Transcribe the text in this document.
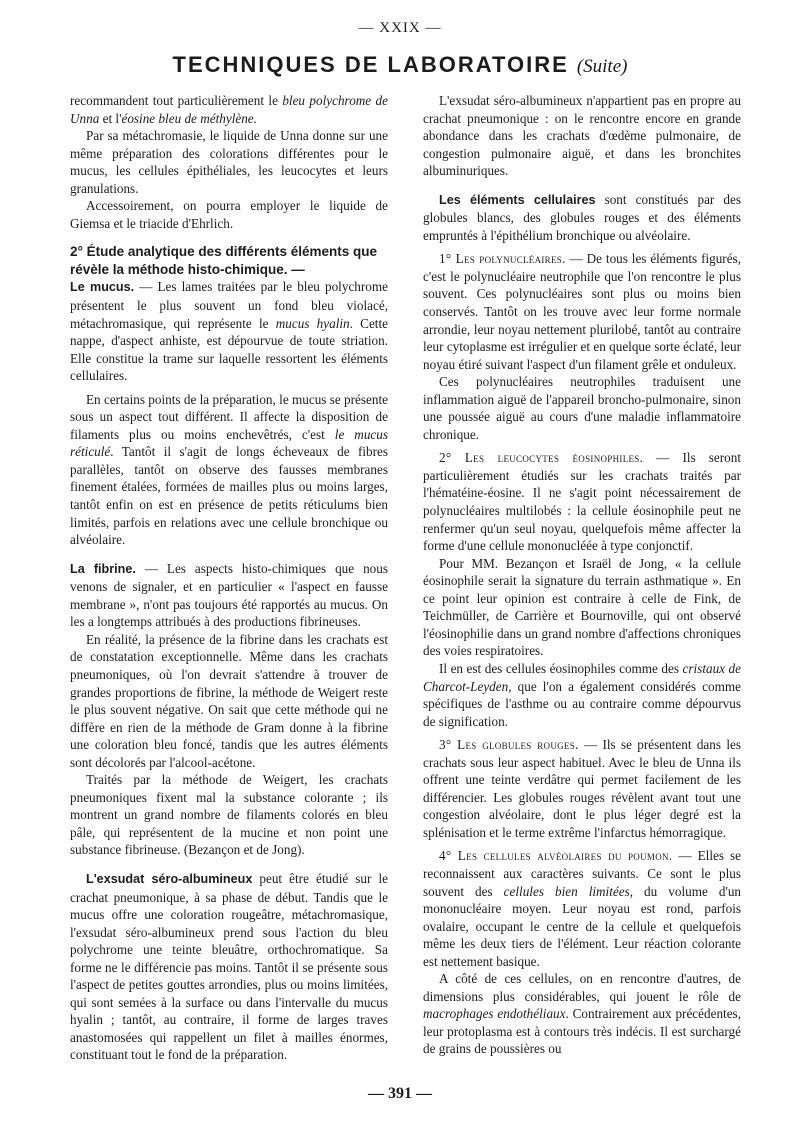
— XXIX —
TECHNIQUES DE LABORATOIRE (Suite)

recommandent tout particulièrement le bleu polychrome de Unna et l'éosine bleu de méthylène.

Par sa métachromasie, le liquide de Unna donne sur une même préparation des colorations différentes pour le mucus, les cellules épithéliales, les leucocytes et leurs granulations.

Accessoirement, on pourra employer le liquide de Giemsa et le triacide d'Ehrlich.

2° Étude analytique des différents éléments que révèle la méthode histo-chimique. —

Le mucus. — Les lames traitées par le bleu polychrome présentent le plus souvent un fond bleu violacé, métachromasique, qui représente le mucus hyalin. Cette nappe, d'aspect anhiste, est dépourvue de toute striation. Elle constitue la trame sur laquelle ressortent les éléments cellulaires.

En certains points de la préparation, le mucus se présente sous un aspect tout différent. Il affecte la disposition de filaments plus ou moins enchevêtrés, c'est le mucus réticulé. Tantôt il s'agit de longs écheveaux de fibres parallèles, tantôt on observe des fausses membranes finement étalées, formées de mailles plus ou moins larges, tantôt enfin on est en présence de petits réticulums bien limités, parfois en relations avec une cellule bronchique ou alvéolaire.

La fibrine. — Les aspects histo-chimiques que nous venons de signaler, et en particulier « l'aspect en fausse membrane », n'ont pas toujours été rapportés au mucus. On les a longtemps attribués à des productions fibrineuses.

En réalité, la présence de la fibrine dans les crachats est de constatation exceptionnelle. Même dans les crachats pneumoniques, où l'on devrait s'attendre à trouver de grandes proportions de fibrine, la méthode de Weigert reste le plus souvent négative. On sait que cette méthode qui ne diffère en rien de la méthode de Gram donne à la fibrine une coloration bleu foncé, tandis que les autres éléments sont décolorés par l'alcool-acétone.

Traités par la méthode de Weigert, les crachats pneumoniques fixent mal la substance colorante ; ils montrent un grand nombre de filaments colorés en bleu pâle, qui représentent de la mucine et non point une substance fibrineuse. (Bezançon et de Jong).

L'exsudat séro-albumineux peut être étudié sur le crachat pneumonique, à sa phase de début. Tandis que le mucus offre une coloration rougeâtre, métachromasique, l'exsudat séro-albumineux prend sous l'action du bleu polychrome une teinte bleuâtre, orthochromatique. Sa forme ne le différencie pas moins. Tantôt il se présente sous l'aspect de petites gouttes arrondies, plus ou moins limitées, qui sont semées à la surface ou dans l'intervalle du mucus hyalin ; tantôt, au contraire, il forme de larges traves anastomosées qui rappellent un filet à mailles énormes, constituant tout le fond de la préparation.

L'exsudat séro-albumineux n'appartient pas en propre au crachat pneumonique : on le rencontre encore en grande abondance dans les crachats d'œdème pulmonaire, de congestion pulmonaire aiguë, et dans les bronchites albuminuriques.

Les éléments cellulaires sont constitués par des globules blancs, des globules rouges et des éléments empruntés à l'épithélium bronchique ou alvéolaire.

1° Les polynucléaires. — De tous les éléments figurés, c'est le polynucléaire neutrophile que l'on rencontre le plus souvent. Ces polynucléaires sont plus ou moins bien conservés. Tantôt on les trouve avec leur forme normale arrondie, leur noyau nettement plurilobé, tantôt au contraire leur cytoplasme est irrégulier et en quelque sorte éclaté, leur noyau étiré suivant l'aspect d'un filament grêle et onduleux.

Ces polynucléaires neutrophiles traduisent une inflammation aiguë de l'appareil broncho-pulmonaire, sinon une poussée aiguë au cours d'une maladie inflammatoire chronique.

2° Les leucocytes éosinophiles. — Ils seront particulièrement étudiés sur les crachats traités par l'hématéine-éosine. Il ne s'agit point nécessairement de polynucléaires multilobés : la cellule éosinophile peut ne renfermer qu'un seul noyau, quelquefois même affecter la forme d'une cellule mononucléée à type conjonctif.

Pour MM. Bezançon et Israël de Jong, « la cellule éosinophile serait la signature du terrain asthmatique ». En ce point leur opinion est contraire à celle de Fink, de Teichmüller, de Carrière et Bournoville, qui ont observé l'éosinophilie dans un grand nombre d'affections chroniques des voies respiratoires.

Il en est des cellules éosinophiles comme des cristaux de Charcot-Leyden, que l'on a également considérés comme spécifiques de l'asthme ou au contraire comme dépourvus de signification.

3° Les globules rouges. — Ils se présentent dans les crachats sous leur aspect habituel. Avec le bleu de Unna ils offrent une teinte verdâtre qui permet facilement de les différencier. Les globules rouges révèlent avant tout une congestion alvéolaire, dont le plus léger degré est la splénisation et le terme extrême l'infarctus hémorragique.

4° Les cellules alvéolaires du poumon. — Elles se reconnaissent aux caractères suivants. Ce sont le plus souvent des cellules bien limitées, du volume d'un mononucléaire moyen. Leur noyau est rond, parfois ovalaire, occupant le centre de la cellule et quelquefois même les deux tiers de l'élément. Leur réaction colorante est nettement basique.

A côté de ces cellules, on en rencontre d'autres, de dimensions plus considérables, qui jouent le rôle de macrophages endothéliaux. Contrairement aux précédentes, leur protoplasma est à contours très indécis. Il est surchargé de grains de poussières ou

— 391 —
